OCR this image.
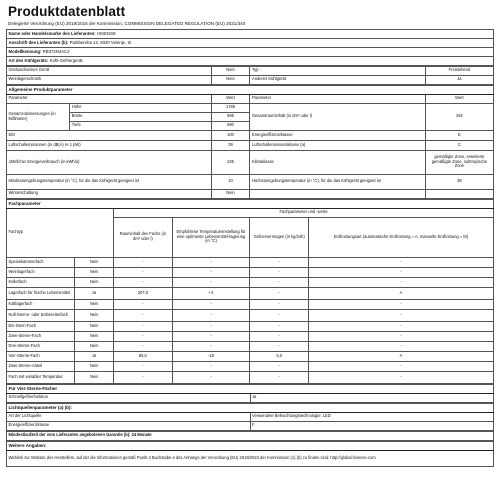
Produktdatenblatt
Delegierte Verordnung (EU) 2019/2016 der Kommission, COMMISSION DELEGATED REGULATION (EU) 2021/340
Name oder Handelsmarke des Lieferanten: HISENSE
Anschrift des Lieferanten (b): Parkbereba 12, 9320 Velenje, Si
Modellkennung: RB372N4AC2
Art des Kühlgeräts: Kühl-Gefriergerät
Geräuscharmes Gerät	Nein	Typ	Freistehend
Weinlagerschrank	Nein	Anderes Kühlgerät	Ja
Allgemeine Produktparameter				
Parameter		Wert	Parameter	Wert
Gesamt-abmessungen (in Millimeter)	Höhe	1785	Gesamtrauminhalt (in dm³ oder l)	292
	Breite	595		
	Tiefe	590		
EEI		100	Energieeffizienzklasse	E
Luftschallemissionen (in dB(A) re 1 pW)		39	Luftschallemissionsklasse (a)	C
Jährlicher Energieverbrauch (in kWh/a)		235	Klimaklasse	gemäßigte Zone, erweiterte gemäßigte Zone, subtropische Zone
Mindestumgebungstemperatur (in °C), für die das Kühlgerät geeignet ist		10	Höchstumgebungstemperatur (in °C), für die das Kühlgerät geeignet ist	38
Winterschaltung		Nein		
Fachparameter					
Fachtyp		Fachparameter und -werte			
		Rauminhalt des Fachs (in dm³ oder l)	Empfohlene Temperatureinstellung für eine optimierte Lebensmittel-lagerung (in °C)	Gefriervermögen (in kg/24h)	Entfrostungsart (automatische Entfrostung = A, manuelle Entfrostung = M)
Speisekammerfach	Nein	-	-	-	-
Weinlagerfach	Nein	-	-	-	-
Kellerfach	Nein	-	-	-	-
Lagerfach für frische Lebensmittel	Ja	207,0	+4	-	A
Kaltlagerfach	Nein	-	-	-	-
Null-Sterne- oder Eisbereiterfach	Nein	-	-	-	-
Ein-Stern-Fach	Nein	-	-	-	-
Zwei-Sterne-Fach	Nein	-	-	-	-
Drei-Sterne-Fach	Nein	-	-	-	-
Vier-Sterne-Fach	Ja	85,0	-18	5,0	A
Zwei-Sterne-Abteil	Nein	-	-	-	-
Fach mit variabler Temperatur	Nein	-	-	-	-
Für Vier-Sterne-Fächer
Schnellgefrierfunktion	Ja
Lichtquellenparameter (a) (b):	
Art der Lichtquelle	Verwendete Beleuchtungstechnologie: LED
Energieeffizienzklasse	F
Mindestlaufzeit der vom Lieferanten angebotenen Garantie (b): 24 Monate
Weitere Angaben:
Weblink zur Website des Herstellers, auf der die Informationen gemäß Punkt 4 Buchstabe a des Anhangs der Verordnung (EU) 2019/2023 der Kommission (1) (b) zu finden sind: http://global.hisense.com
